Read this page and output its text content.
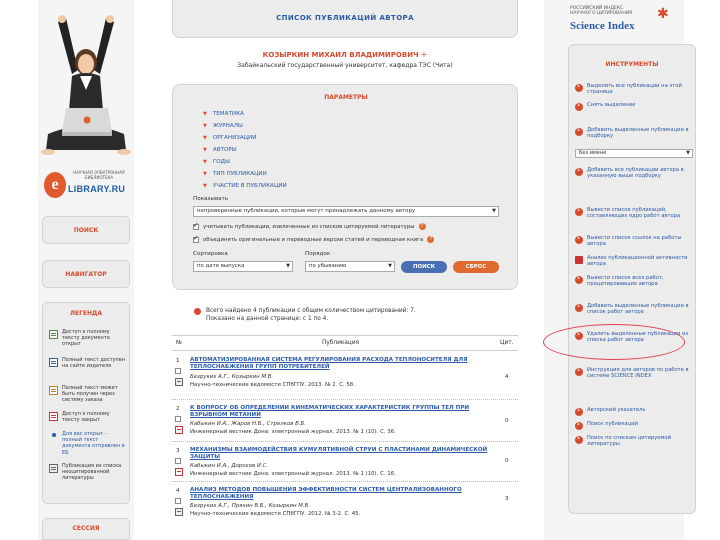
e
НАУЧНАЯ ЭЛЕКТРОННАЯ БИБЛИОТЕКА
LIBRARY.RU
ПОИСК
НАВИГАТОР
ЛЕГЕНДА
Доступ к полному тексту документа открыт
Полный текст доступен на сайте издателя
Полный текст может быть получен через систему заказа
Доступ к полному тексту закрыт
Для вас открыт - полный текст документа отправлен в ЕБ
Публикация из списка неоцитированной литературы
СЕССИЯ
СПИСОК ПУБЛИКАЦИЙ АВТОРА
КОЗЫРКИН МИХАИЛ ВЛАДИМИРОВИЧ +
Забайкальский государственный университет, кафедра ТЭС (Чита)
ПАРАМЕТРЫ
▼ ТЕМАТИКА
▼ ЖУРНАЛЫ
▼ ОРГАНИЗАЦИИ
▼ АВТОРЫ
▼ ГОДЫ
▼ ТИП ПУБЛИКАЦИИ
▼ УЧАСТИЕ В ПУБЛИКАЦИИ
Показывать
непроверенные публикации, которые могут принадлежать данному автору	▼
✓
учитывать публикации, извлеченные из списков цитируемой литературы	?
✓
объединять оригинальные и переводные версии статей и переводная книга	?
Сортировка
по дате выпуска	▼
Порядок
по убыванию	▼	ПОИСК	СБРОС
Всего найдено 4 публикации с общим количеством цитирований: 7.
Показано на данной странице: с 1 по 4.
№	Публикация	Цит.
1 АВТОМАТИЗИРОВАННАЯ СИСТЕМА РЕГУЛИРОВАНИЯ РАСХОДА ТЕПЛОНОСИТЕЛЯ ДЛЯ ТЕПЛОСНАБЖЕНИЯ ГРУПП ПОТРЕБИТЕЛЕЙ
Безруких А.Г., Козыркин М.В.
Научно-технические ведомости СПбГПУ. 2013. № 2. С. 58.
4
2 К ВОПРОСУ ОБ ОПРЕДЕЛЕНИИ КИНЕМАТИЧЕСКИХ ХАРАКТЕРИСТИК ГРУППЫ ТЕЛ ПРИ ВЗРЫВНОМ МЕТАНИИ
Кабыкин И.А., Жаров Н.Б., Стрелков В.Б.
Инженерный вестник Дона: электронный журнал. 2013. № 1 (10). С. 36.
0
3 МЕХАНИЗМЫ ВЗАИМОДЕЙСТВИЯ КУМУЛЯТИВНОЙ СТРУИ С ПЛАСТИНАМИ ДИНАМИЧЕСКОЙ ЗАЩИТЫ
Кабыкин И.А., Дорохов И.С.
Инженерный вестник Дона: электронный журнал. 2013. № 1 (10). С. 16.
0
4 АНАЛИЗ МЕТОДОВ ПОВЫШЕНИЯ ЭФФЕКТИВНОСТИ СИСТЕМ ЦЕНТРАЛИЗОВАННОГО ТЕПЛОСНАБЖЕНИЯ
Безруких А.Г., Пряхин В.Б., Козыркин М.В.
Научно-технические ведомости СПбГПУ. 2012. № 3-2. С. 45.
3
РОССИЙСКИЙ ИНДЕКС НАУЧНОГО ЦИТИРОВАНИЯ
Science Index
✱
ИНСТРУМЕНТЫ
›
Выделить все публикации на этой странице
›
Снять выделение
›
Добавить выделенные публикации в подборку
Без имени	▼
›
Добавить все публикации автора в указанную выше подборку
›
Вывести список публикаций, составляющих ядро работ автора
›
Вывести список ссылок на работы автора
Анализ публикационной активности автора
›
Вывести список всех работ, процитировавших автора
›
Добавить выделенные публикации в список работ автора
›
Удалить выделенные публикации из списка работ автора
›
Инструкция для авторов по работе в системе SCIENCE INDEX
›
Авторский указатель
›
Поиск публикаций
›
Поиск по спискам цитируемой литературы
